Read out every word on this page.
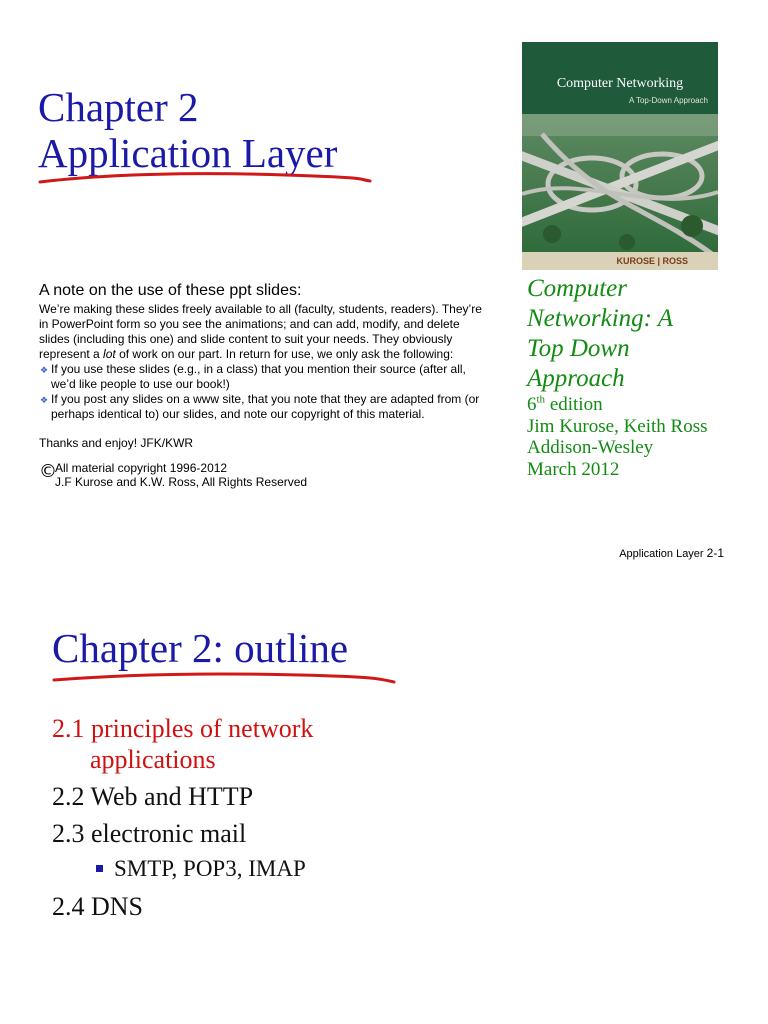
Chapter 2
Application Layer

A note on the use of these ppt slides:

We’re making these slides freely available to all (faculty, students, readers). They’re in PowerPoint form so you see the animations; and can add, modify, and delete slides (including this one) and slide content to suit your needs. They obviously represent a lot of work on our part. In return for use, we only ask the following:

❖ If you use these slides (e.g., in a class) that you mention their source (after all, we’d like people to use our book!)
❖ If you post any slides on a www site, that you note that they are adapted from (or perhaps identical to) our slides, and note our copyright of this material.

Thanks and enjoy! JFK/KWR

©
All material copyright 1996-2012
J.F Kurose and K.W. Ross, All Rights Reserved
Computer Networking
A Top-Down Approach
KUROSE | ROSS
Computer
Networking: A
Top Down
Approach
6th edition
Jim Kurose, Keith Ross
Addison-Wesley
March 2012
Application Layer 2-1
Chapter 2: outline
2.1 principles of network
applications
2.2 Web and HTTP
2.3 electronic mail
SMTP, POP3, IMAP
2.4 DNS
